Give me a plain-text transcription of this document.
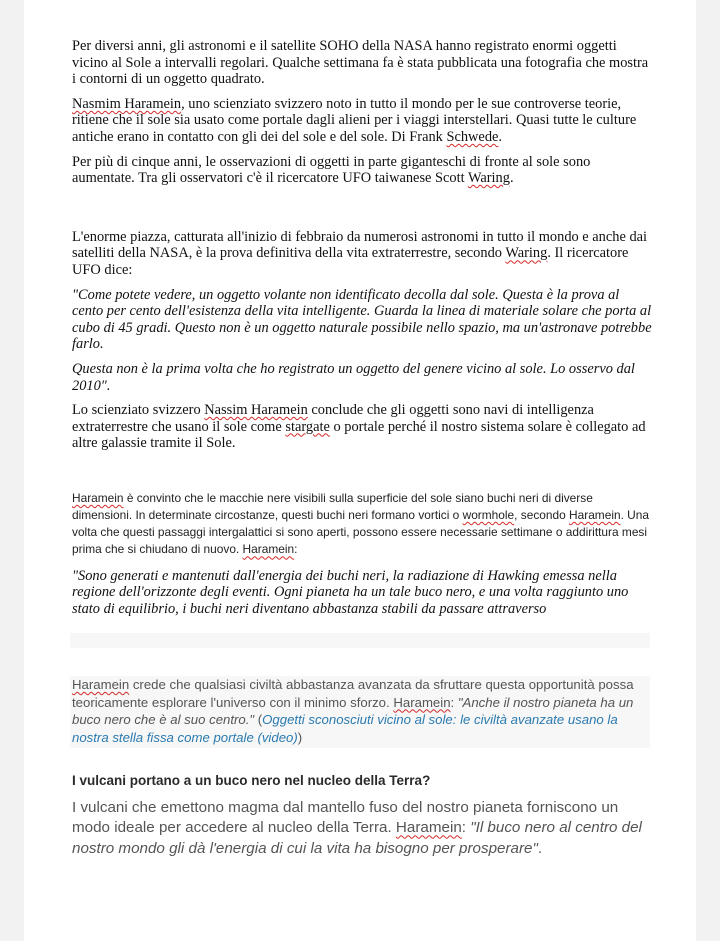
Per diversi anni, gli astronomi e il satellite SOHO della NASA hanno registrato enormi oggetti vicino al Sole a intervalli regolari. Qualche settimana fa è stata pubblicata una fotografia che mostra i contorni di un oggetto quadrato.

Nasmim Haramein, uno scienziato svizzero noto in tutto il mondo per le sue controverse teorie, ritiene che il sole sia usato come portale dagli alieni per i viaggi interstellari. Quasi tutte le culture antiche erano in contatto con gli dei del sole e del sole. Di Frank Schwede.

Per più di cinque anni, le osservazioni di oggetti in parte giganteschi di fronte al sole sono aumentate. Tra gli osservatori c'è il ricercatore UFO taiwanese Scott Waring.

L'enorme piazza, catturata all'inizio di febbraio da numerosi astronomi in tutto il mondo e anche dai satelliti della NASA, è la prova definitiva della vita extraterrestre, secondo Waring. Il ricercatore UFO dice:

"Come potete vedere, un oggetto volante non identificato decolla dal sole. Questa è la prova al cento per cento dell'esistenza della vita intelligente. Guarda la linea di materiale solare che porta al cubo di 45 gradi. Questo non è un oggetto naturale possibile nello spazio, ma un'astronave potrebbe farlo.

Questa non è la prima volta che ho registrato un oggetto del genere vicino al sole. Lo osservo dal 2010".

Lo scienziato svizzero Nassim Haramein conclude che gli oggetti sono navi di intelligenza extraterrestre che usano il sole come stargate o portale perché il nostro sistema solare è collegato ad altre galassie tramite il Sole.

Haramein è convinto che le macchie nere visibili sulla superficie del sole siano buchi neri di diverse dimensioni. In determinate circostanze, questi buchi neri formano vortici o wormhole, secondo Haramein. Una volta che questi passaggi intergalattici si sono aperti, possono essere necessarie settimane o addirittura mesi prima che si chiudano di nuovo. Haramein:

"Sono generati e mantenuti dall'energia dei buchi neri, la radiazione di Hawking emessa nella regione dell'orizzonte degli eventi. Ogni pianeta ha un tale buco nero, e una volta raggiunto uno stato di equilibrio, i buchi neri diventano abbastanza stabili da passare attraverso

Haramein crede che qualsiasi civiltà abbastanza avanzata da sfruttare questa opportunità possa teoricamente esplorare l'universo con il minimo sforzo. Haramein: "Anche il nostro pianeta ha un buco nero che è al suo centro." (Oggetti sconosciuti vicino al sole: le civiltà avanzate usano la nostra stella fissa come portale (video))

I vulcani portano a un buco nero nel nucleo della Terra?

I vulcani che emettono magma dal mantello fuso del nostro pianeta forniscono un modo ideale per accedere al nucleo della Terra. Haramein: "Il buco nero al centro del nostro mondo gli dà l'energia di cui la vita ha bisogno per prosperare".
